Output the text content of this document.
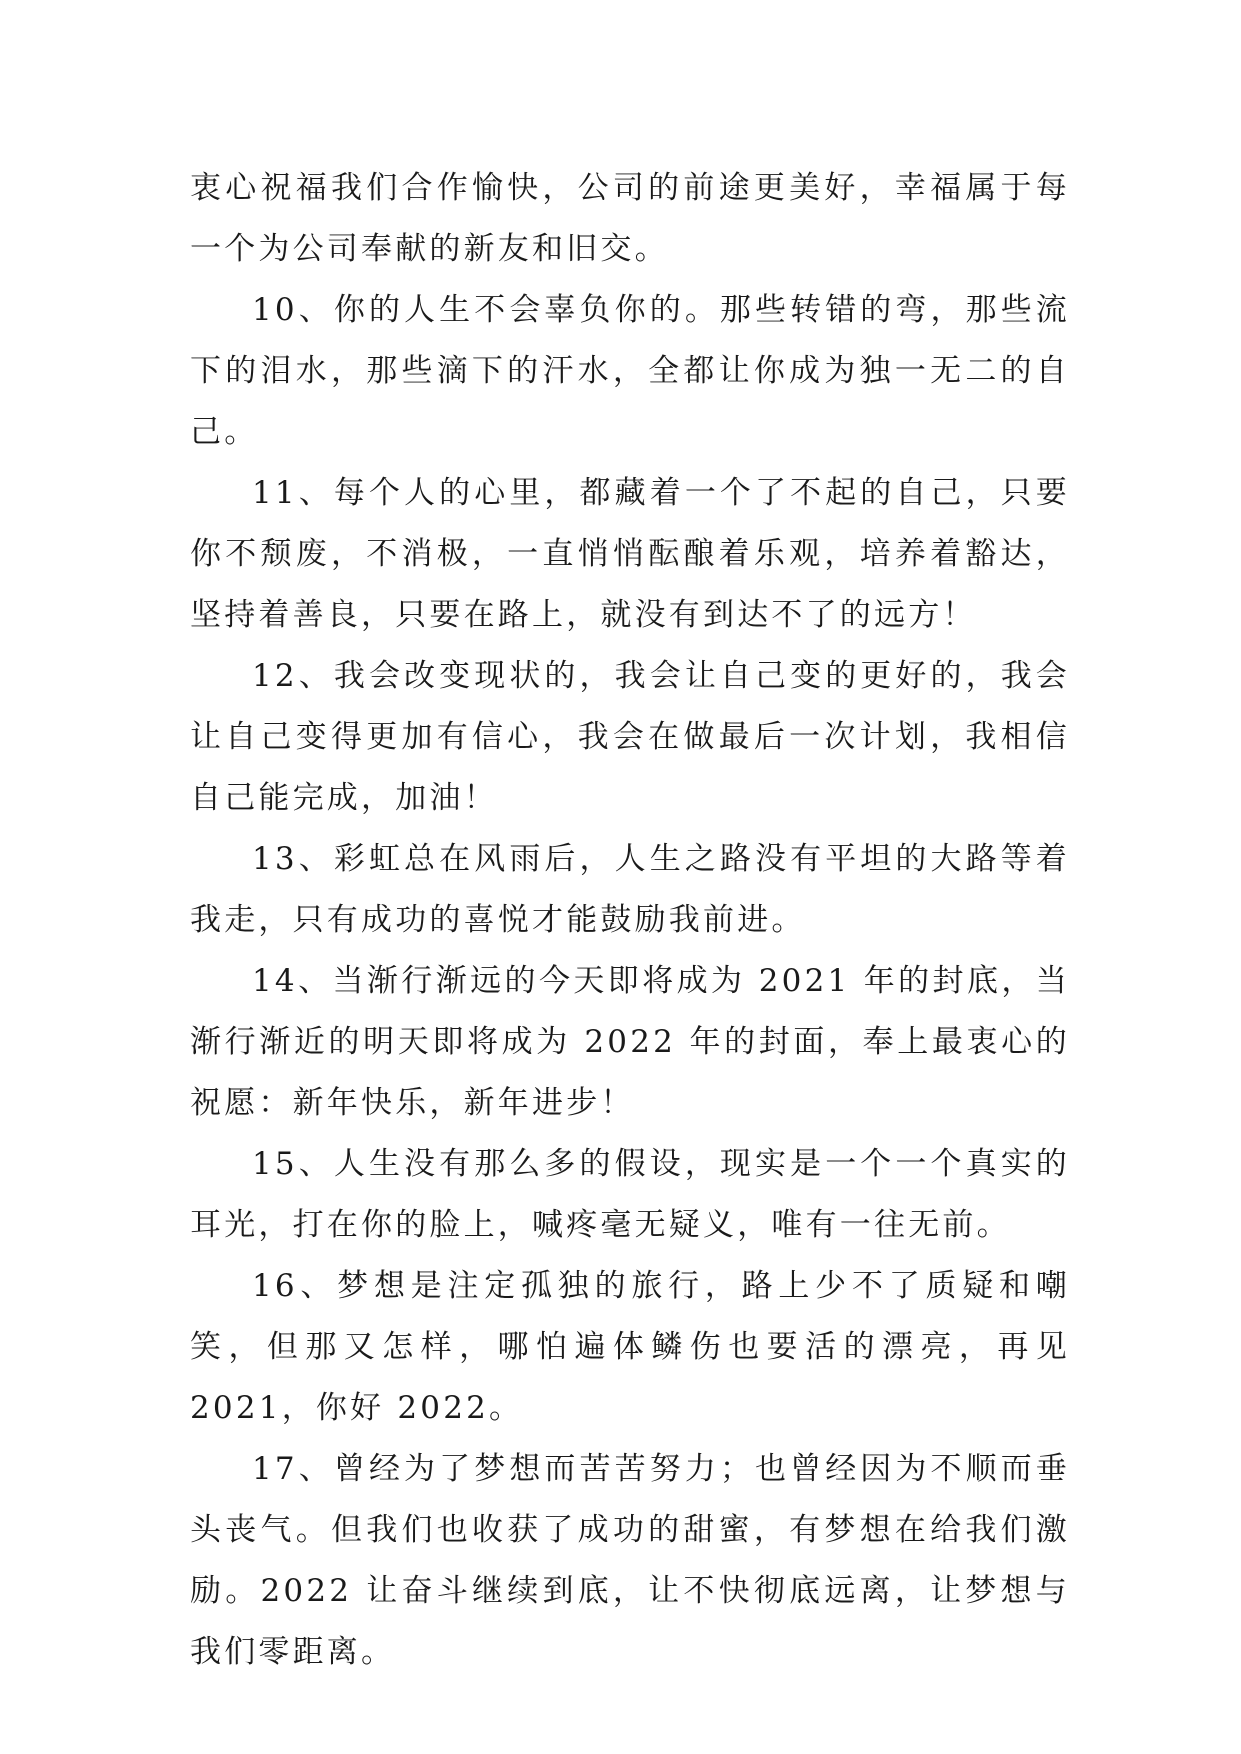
衷心祝福我们合作愉快，公司的前途更美好，幸福属于每一个为公司奉献的新友和旧交。

10、你的人生不会辜负你的。那些转错的弯，那些流下的泪水，那些滴下的汗水，全都让你成为独一无二的自己。

11、每个人的心里，都藏着一个了不起的自己，只要你不颓废，不消极，一直悄悄酝酿着乐观，培养着豁达，坚持着善良，只要在路上，就没有到达不了的远方！

12、我会改变现状的，我会让自己变的更好的，我会让自己变得更加有信心，我会在做最后一次计划，我相信自己能完成，加油！

13、彩虹总在风雨后，人生之路没有平坦的大路等着我走，只有成功的喜悦才能鼓励我前进。

14、当渐行渐远的今天即将成为 2021 年的封底，当渐行渐近的明天即将成为 2022 年的封面，奉上最衷心的祝愿：新年快乐，新年进步！

15、人生没有那么多的假设，现实是一个一个真实的耳光，打在你的脸上，喊疼毫无疑义，唯有一往无前。

16、梦想是注定孤独的旅行，路上少不了质疑和嘲笑，但那又怎样，哪怕遍体鳞伤也要活的漂亮，再见 2021，你好 2022。

17、曾经为了梦想而苦苦努力；也曾经因为不顺而垂头丧气。但我们也收获了成功的甜蜜，有梦想在给我们激励。2022 让奋斗继续到底，让不快彻底远离，让梦想与我们零距离。
